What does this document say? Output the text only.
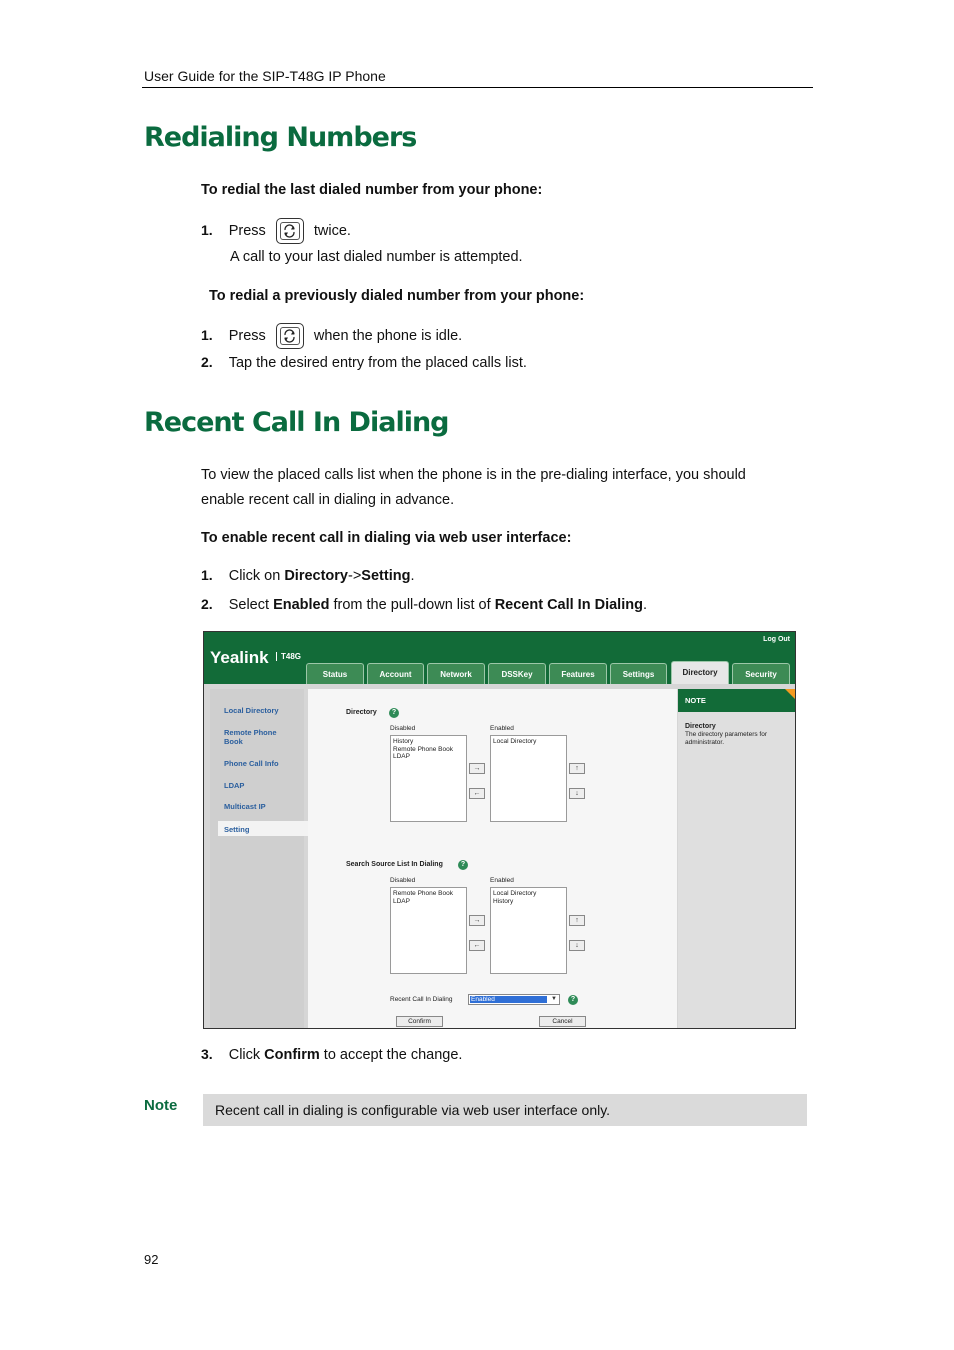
User Guide for the SIP-T48G IP Phone
Redialing Numbers
To redial the last dialed number from your phone:
1. Press	twice.
A call to your last dialed number is attempted.
To redial a previously dialed number from your phone:
1. Press	when the phone is idle.
2. Tap the desired entry from the placed calls list.
Recent Call In Dialing
To view the placed calls list when the phone is in the pre-dialing interface, you should
enable recent call in dialing in advance.
To enable recent call in dialing via web user interface:
1. Click on Directory->Setting.
2. Select Enabled from the pull-down list of Recent Call In Dialing.
Yealink	T48G
Log Out
Status	Account	Network	DSSKey	Features	Settings	Directory	Security
Local Directory
Remote Phone Book
Phone Call Info
LDAP
Multicast IP
Setting
Directory	?
Disabled	Enabled
History
Remote Phone Book
LDAP
Local Directory
→
←
↑
↓
Search Source List In Dialing	?
Disabled	Enabled
Remote Phone Book
LDAP
Local Directory
History
→
←
↑
↓
Recent Call In Dialing	Enabled	▼	?
Confirm	Cancel
NOTE
Directory
The directory parameters for administrator.
3. Click Confirm to accept the change.
Note	Recent call in dialing is configurable via web user interface only.
92
